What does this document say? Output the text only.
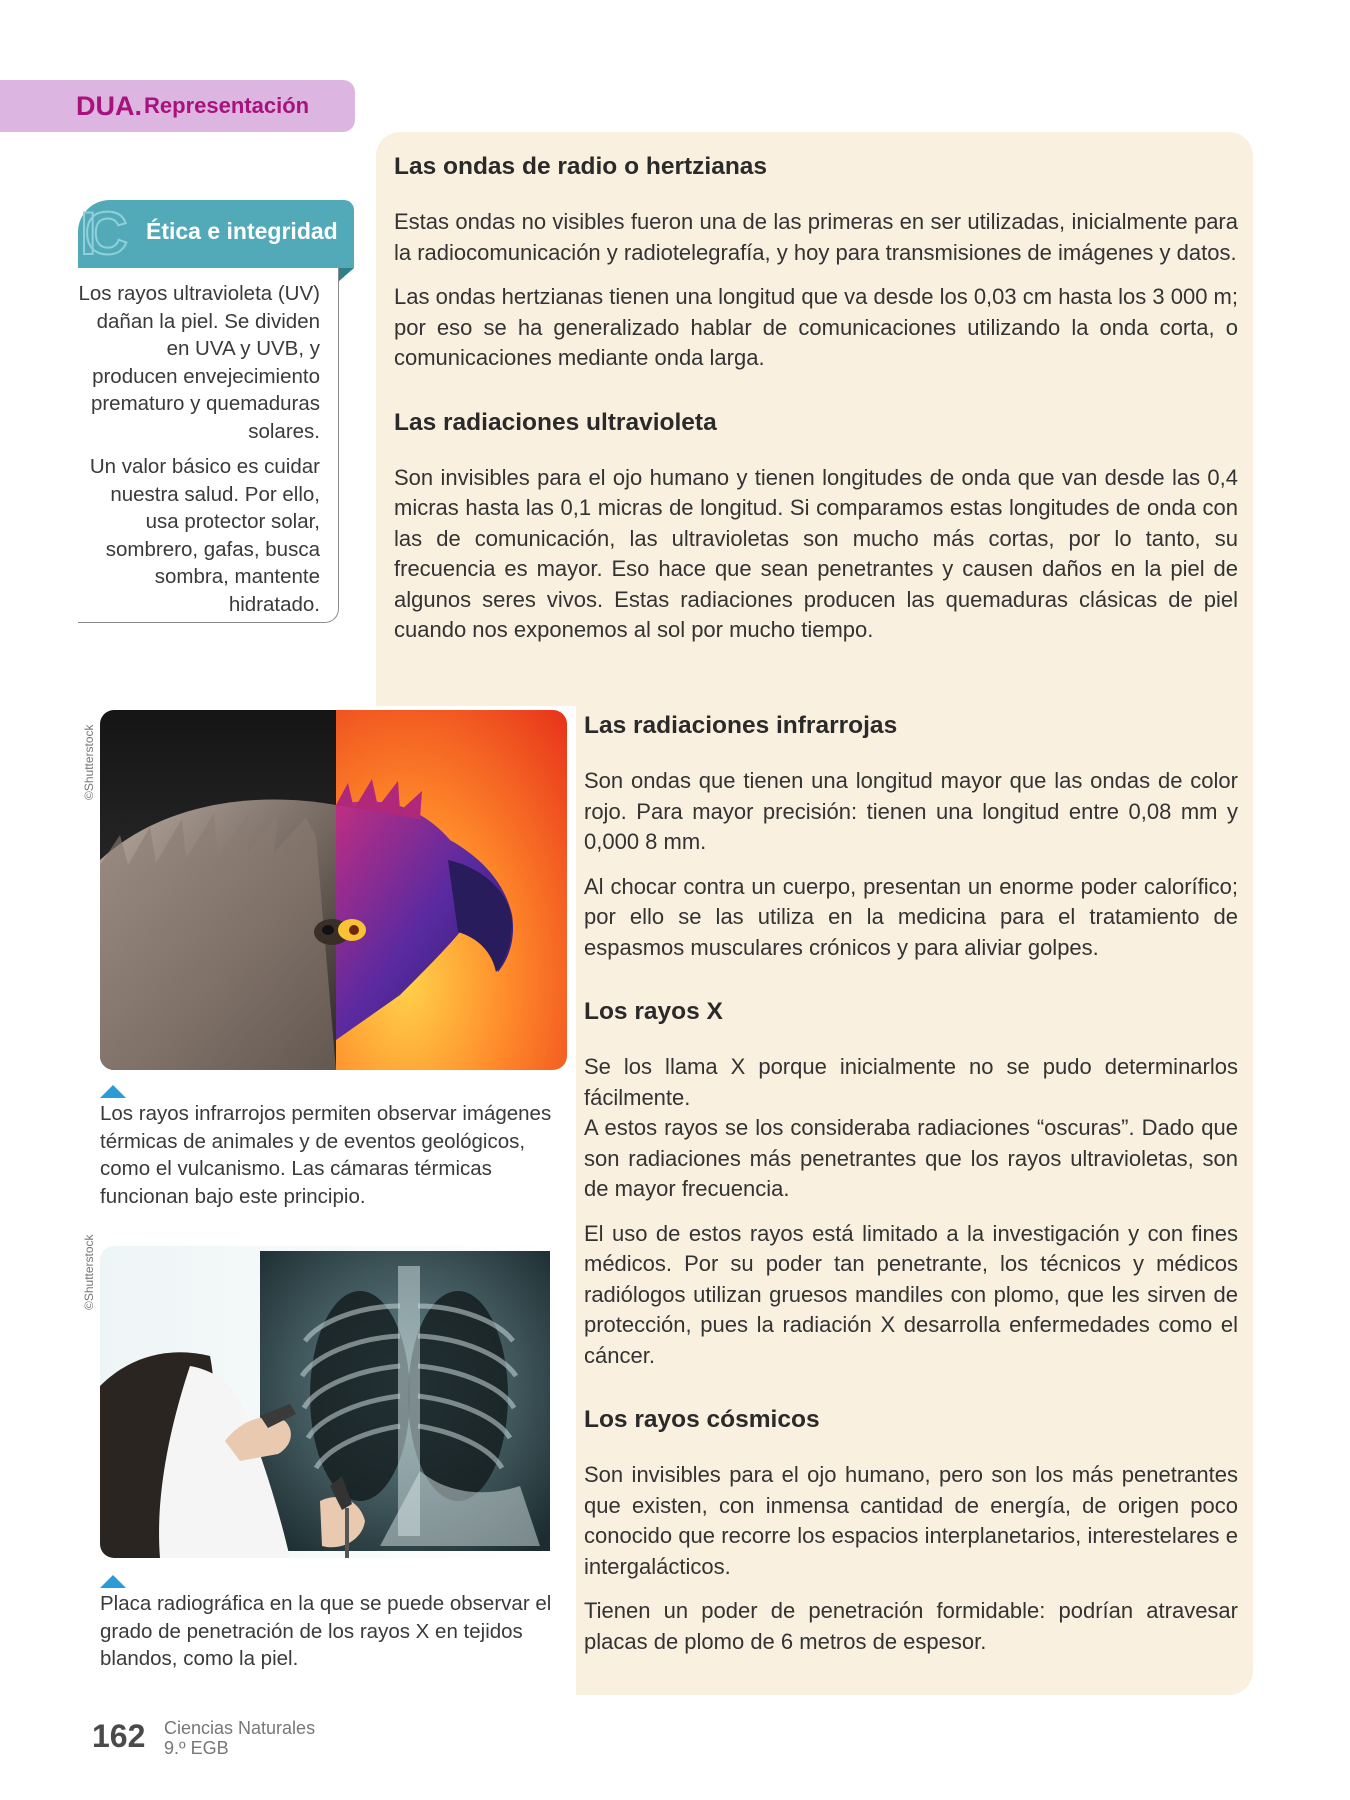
DUA . Representación
Las ondas de radio o hertzianas

Estas ondas no visibles fueron una de las primeras en ser utilizadas, inicialmente para la radiocomunicación y radiotelegrafía, y hoy para transmisiones de imágenes y datos.

Las ondas hertzianas tienen una longitud que va desde los 0,03 cm hasta los 3 000 m; por eso se ha generalizado hablar de comunicaciones utilizando la onda corta, o comunicaciones mediante onda larga.

Las radiaciones ultravioleta

Son invisibles para el ojo humano y tienen longitudes de onda que van desde las 0,4 micras hasta las 0,1 micras de longitud. Si comparamos estas longitudes de onda con las de comunicación, las ultravioletas son mucho más cortas, por lo tanto, su frecuencia es mayor. Eso hace que sean penetrantes y causen daños en la piel de algunos seres vivos. Estas radiaciones producen las quemaduras clásicas de piel cuando nos exponemos al sol por mucho tiempo.

Las radiaciones infrarrojas

Son ondas que tienen una longitud mayor que las ondas de color rojo. Para mayor precisión: tienen una longitud entre 0,08 mm y 0,000 8 mm.

Al chocar contra un cuerpo, presentan un enorme poder calorífico; por ello se las utiliza en la medicina para el tratamiento de espasmos musculares crónicos y para aliviar golpes.

Los rayos X

Se los llama X porque inicialmente no se pudo determinarlos fácilmente.

A estos rayos se los consideraba radiaciones “oscuras”. Dado que son radiaciones más penetrantes que los rayos ultravioletas, son de mayor frecuencia.

El uso de estos rayos está limitado a la investigación y con fines médicos. Por su poder tan penetrante, los técnicos y médicos radiólogos utilizan gruesos mandiles con plomo, que les sirven de protección, pues la radiación X desarrolla enfermedades como el cáncer.

Los rayos cósmicos

Son invisibles para el ojo humano, pero son los más penetrantes que existen, con inmensa cantidad de energía, de origen poco conocido que recorre los espacios interplanetarios, interestelares e intergalácticos.

Tienen un poder de penetración formidable: podrían atravesar placas de plomo de 6 metros de espesor.

IC Ética e integridad

Los rayos ultravioleta (UV) dañan la piel. Se dividen en UVA y UVB, y producen envejecimiento prematuro y quemaduras solares.

Un valor básico es cuidar nuestra salud. Por ello, usa protector solar, sombrero, gafas, busca sombra, mantente hidratado.

©Shutterstock
Los rayos infrarrojos permiten observar imágenes térmicas de animales y de eventos geológicos, como el vulcanismo. Las cámaras térmicas funcionan bajo este principio.
©Shutterstock
Placa radiográfica en la que se puede observar el grado de penetración de los rayos X en tejidos blandos, como la piel.
162 Ciencias Naturales
9.º EGB
